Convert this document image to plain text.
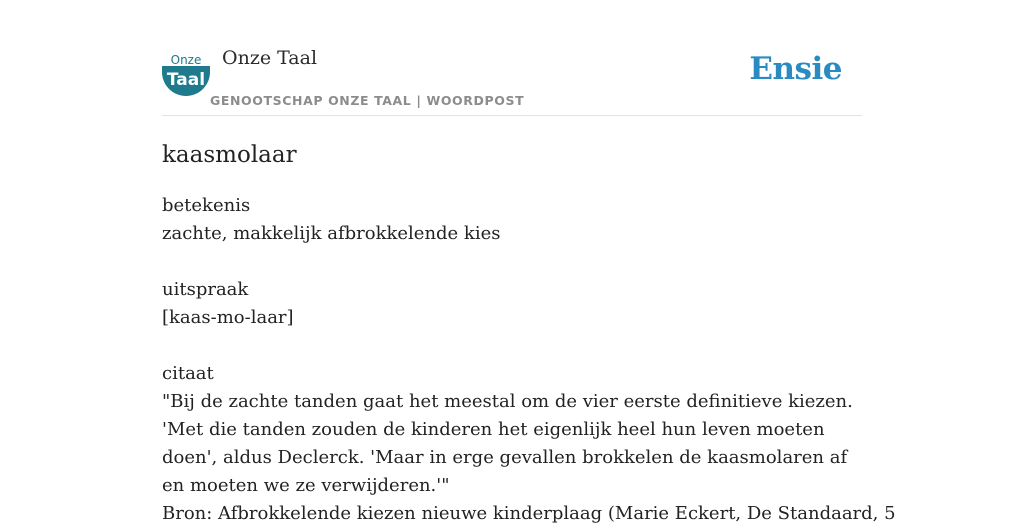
Onze
Taal
Onze Taal
GENOOTSCHAP ONZE TAAL | WOORDPOST
Ensie
kaasmolaar

betekenis
zachte, makkelijk afbrokkelende kies

uitspraak
[kaas-mo-laar]

citaat
"Bij de zachte tanden gaat het meestal om de vier eerste definitieve kiezen. 'Met die tanden zouden de kinderen het eigenlijk heel hun leven moeten doen', aldus Declerck. 'Maar in erge gevallen brokkelen de kaasmolaren af en moeten we ze verwijderen.'"
Bron: Afbrokkelende kiezen nieuwe kinderplaag (Marie Eckert, De Standaard, 5
